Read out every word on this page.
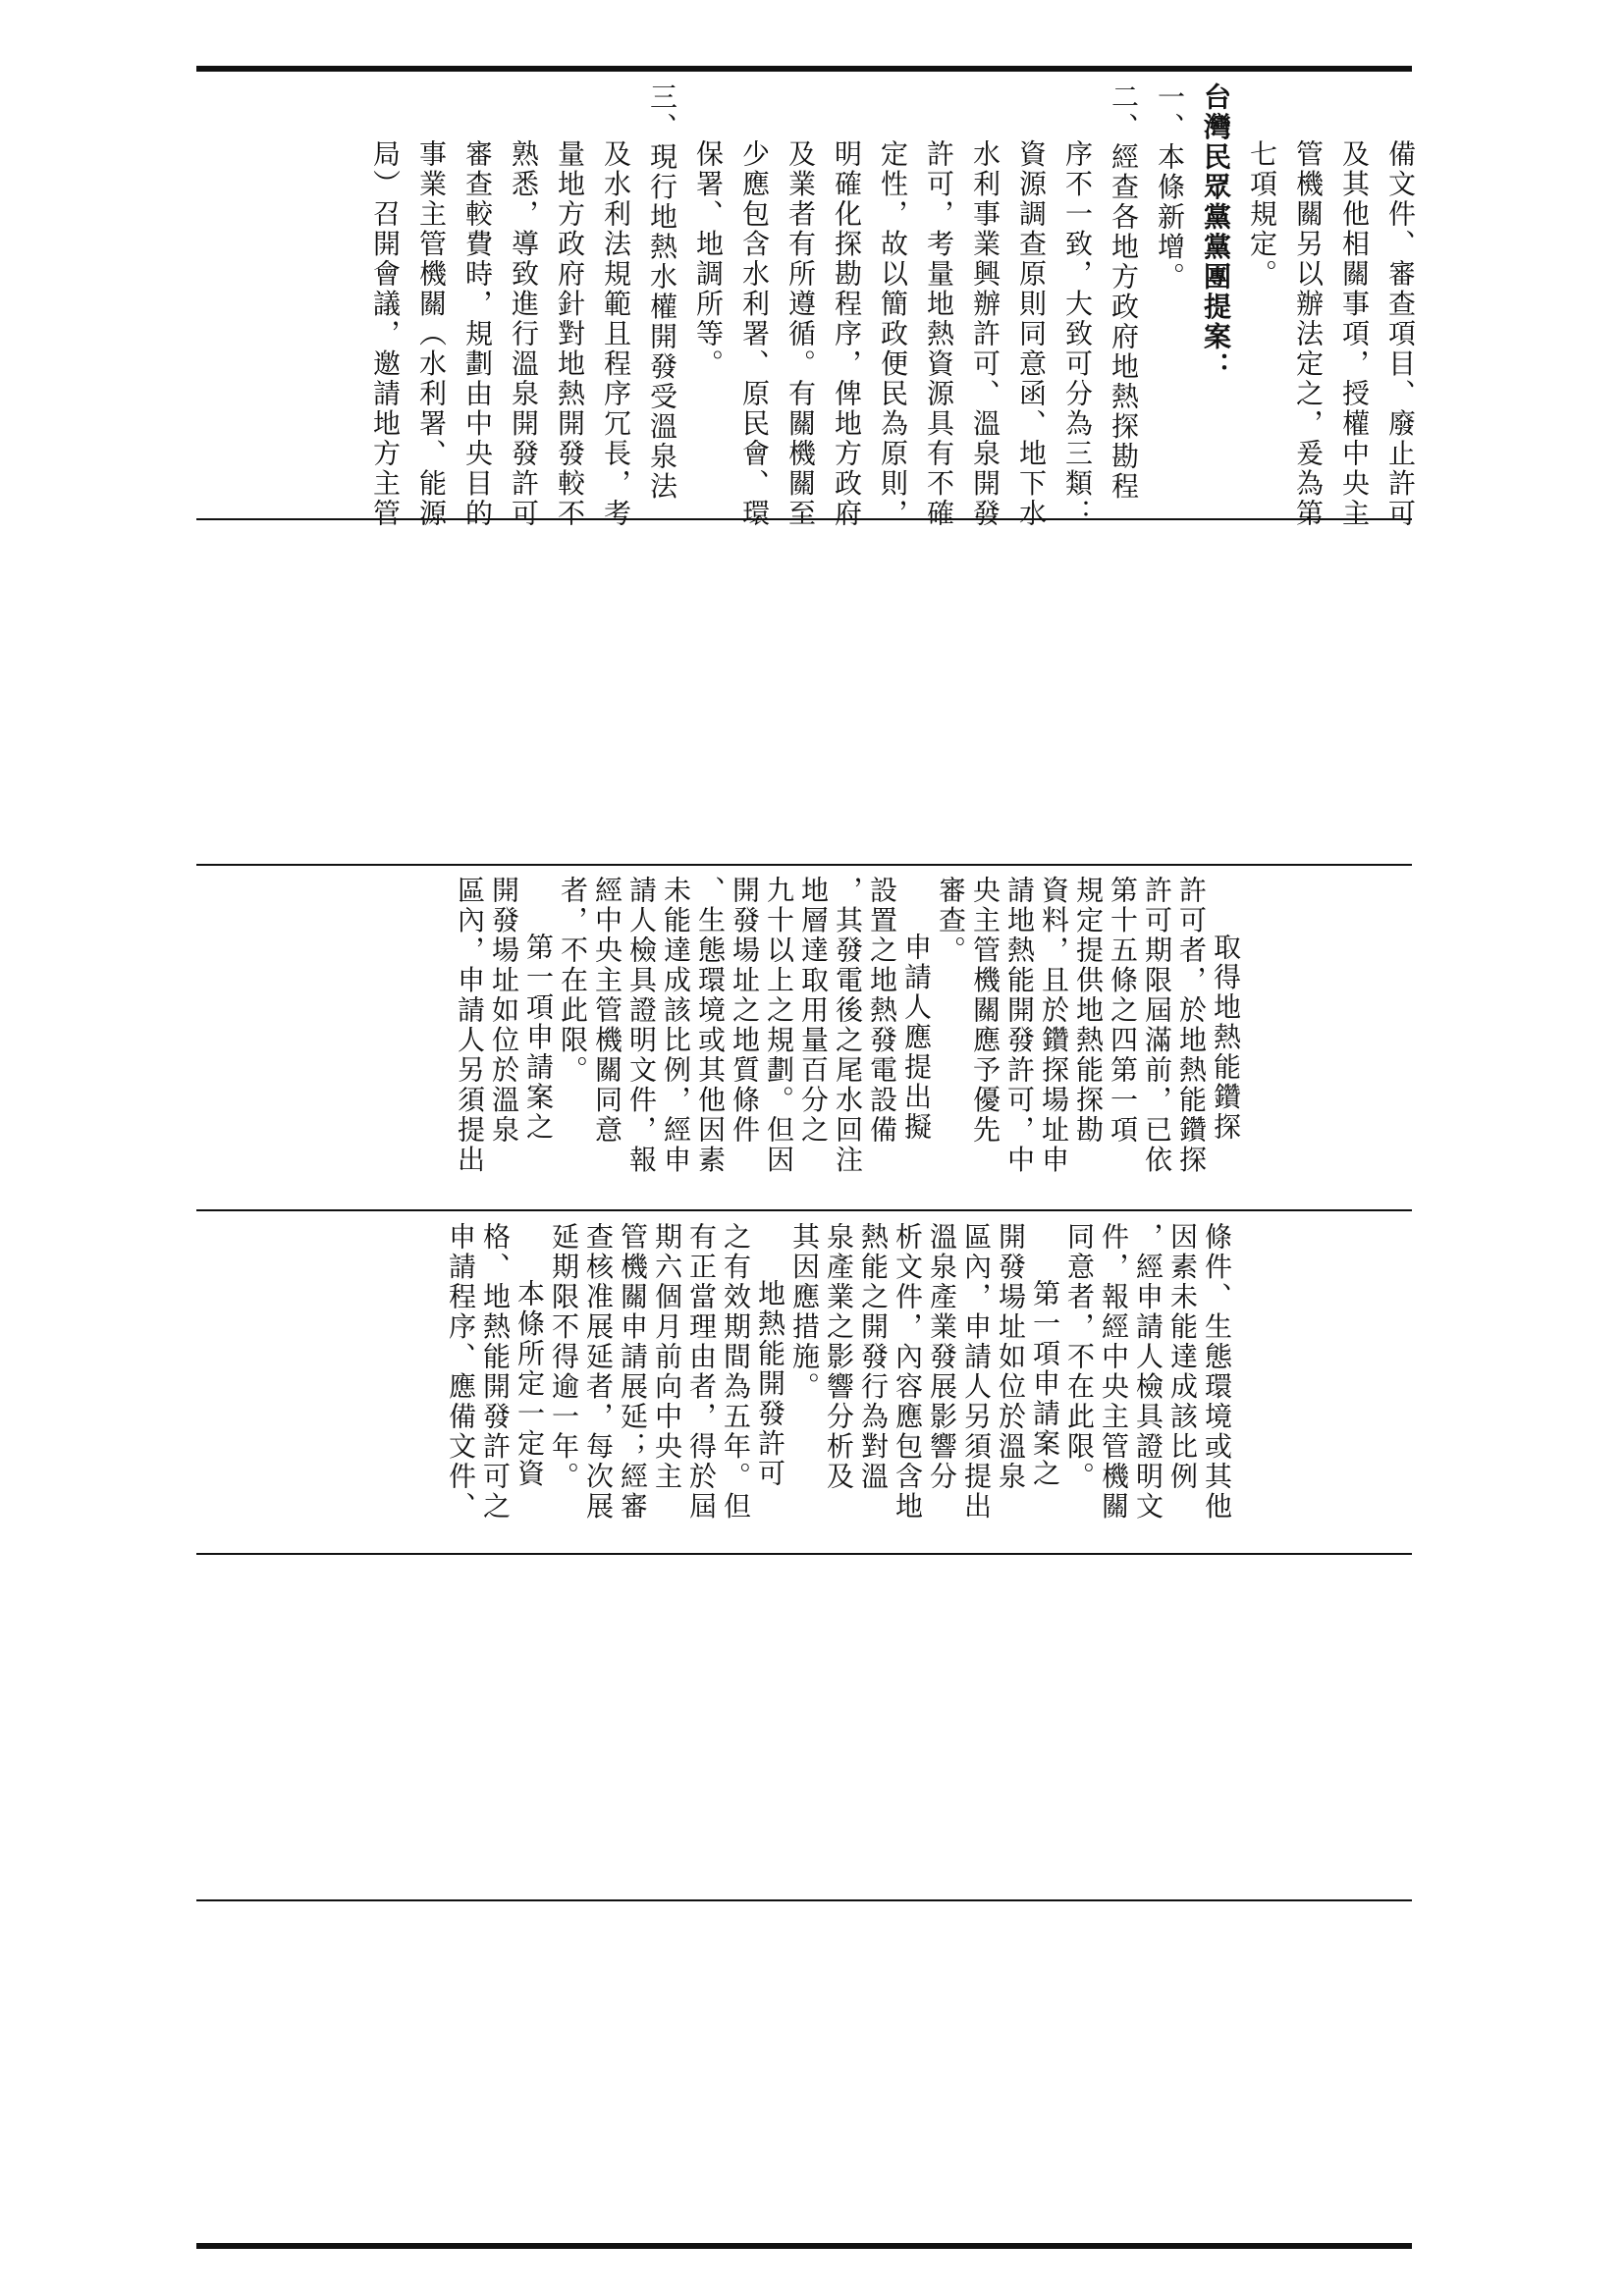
備文件、審查項目、廢止許可
及其他相關事項，授權中央主
管機關另以辦法定之，爰為第
七項規定。
台灣民眾黨黨團提案：
一、本條新增。
二、經查各地方政府地熱探勘程
序不一致，大致可分為三類：
資源調查原則同意函、地下水
水利事業興辦許可、溫泉開發
許可，考量地熱資源具有不確
定性，故以簡政便民為原則，
明確化探勘程序，俾地方政府
及業者有所遵循。有關機關至
少應包含水利署、原民會、環
保署、地調所等。
三、現行地熱水權開發受溫泉法
及水利法規範且程序冗長，考
量地方政府針對地熱開發較不
熟悉，導致進行溫泉開發許可
審查較費時，規劃由中央目的
事業主管機關（水利署、能源
局）召開會議，邀請地方主管
取得地熱能鑽探
許可者，於地熱能鑽探
許可期限屆滿前，已依
第十五條之四第一項
規定提供地熱能探勘
資料，且於鑽探場址申
請地熱能開發許可，中
央主管機關應予優先
審查。
申請人應提出擬
設置之地熱發電設備
，其發電後之尾水回注
地層達取用量百分之
九十以上之規劃。但因
開發場址之地質條件
、生態環境或其他因素
未能達成該比例，經申
請人檢具證明文件，報
經中央主管機關同意
者，不在此限。
第一項申請案之
開發場址如位於溫泉
區內，申請人另須提出
條件、生態環境或其他
因素未能達成該比例
，經申請人檢具證明文
件，報經中央主管機關
同意者，不在此限。
第一項申請案之
開發場址如位於溫泉
區內，申請人另須提出
溫泉產業發展影響分
析文件，內容應包含地
熱能之開發行為對溫
泉產業之影響分析及
其因應措施。
地熱能開發許可
之有效期間為五年。但
有正當理由者，得於屆
期六個月前向中央主
管機關申請展延；經審
查核准展延者，每次展
延期限不得逾一年。
本條所定一定資
格、地熱能開發許可之
申請程序、應備文件、
